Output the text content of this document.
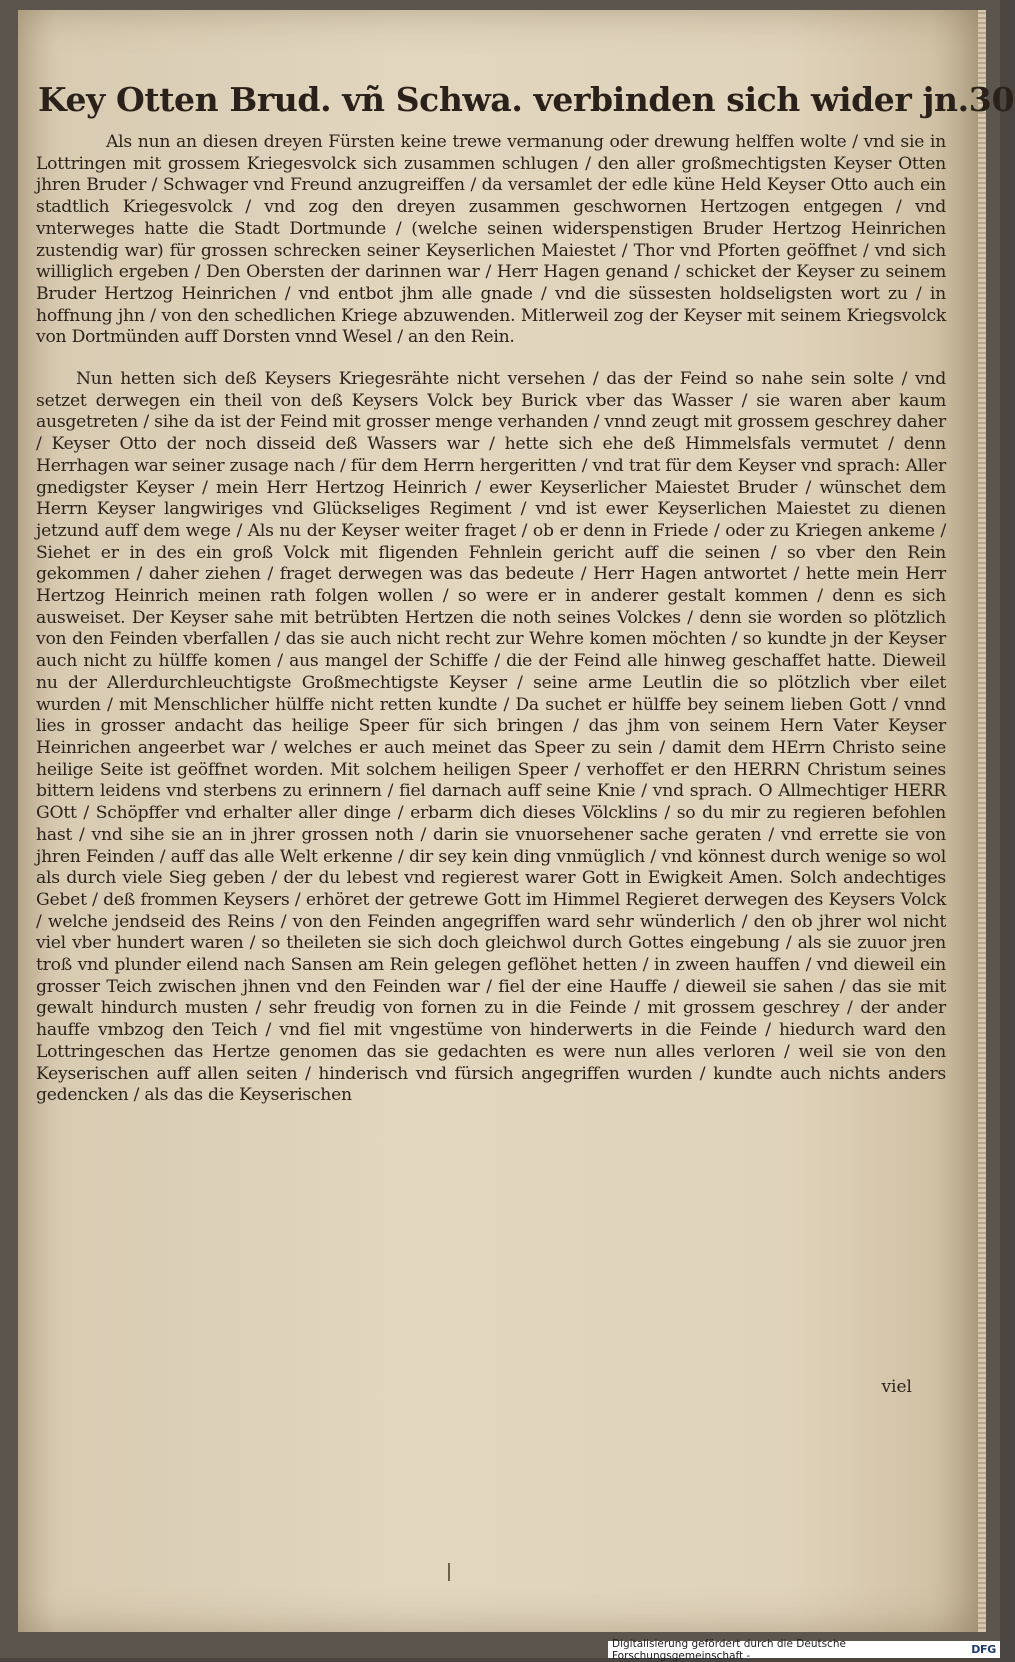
Key Otten Brud. vñ Schwa. verbinden sich wider jn. 30

Als nun an diesen dreyen Fürsten keine trewe vermanung oder drewung helffen wolte / vnd sie in Lottringen mit grossem Kriegesvolck sich zusammen schlugen / den aller großmechtigsten Keyser Otten jhren Bruder / Schwager vnd Freund anzugreiffen / da versamlet der edle küne Held Keyser Otto auch ein stadtlich Kriegesvolck / vnd zog den dreyen zusammen geschwornen Hertzogen entgegen / vnd vnterweges hatte die Stadt Dortmunde / (welche seinen widerspenstigen Bruder Hertzog Heinrichen zustendig war) für grossen schrecken seiner Keyserlichen Maiestet / Thor vnd Pforten geöffnet / vnd sich williglich ergeben / Den Obersten der darinnen war / Herr Hagen genand / schicket der Keyser zu seinem Bruder Hertzog Heinrichen / vnd entbot jhm alle gnade / vnd die süssesten holdseligsten wort zu / in hoffnung jhn / von den schedlichen Kriege abzuwenden. Mitlerweil zog der Keyser mit seinem Kriegsvolck von Dortmünden auff Dorsten vnnd Wesel / an den Rein.

Nun hetten sich deß Keysers Kriegesrähte nicht versehen / das der Feind so nahe sein solte / vnd setzet derwegen ein theil von deß Keysers Volck bey Burick vber das Wasser / sie waren aber kaum ausgetreten / sihe da ist der Feind mit grosser menge verhanden / vnnd zeugt mit grossem geschrey daher / Keyser Otto der noch disseid deß Wassers war / hette sich ehe deß Himmelsfals vermutet / denn Herrhagen war seiner zusage nach / für dem Herrn hergeritten / vnd trat für dem Keyser vnd sprach: Aller gnedigster Keyser / mein Herr Hertzog Heinrich / ewer Keyserlicher Maiestet Bruder / wünschet dem Herrn Keyser langwiriges vnd Glückseliges Regiment / vnd ist ewer Keyserlichen Maiestet zu dienen jetzund auff dem wege / Als nu der Keyser weiter fraget / ob er denn in Friede / oder zu Kriegen ankeme / Siehet er in des ein groß Volck mit fligenden Fehnlein gericht auff die seinen / so vber den Rein gekommen / daher ziehen / fraget derwegen was das bedeute / Herr Hagen antwortet / hette mein Herr Hertzog Heinrich meinen rath folgen wollen / so were er in anderer gestalt kommen / denn es sich ausweiset. Der Keyser sahe mit betrübten Hertzen die noth seines Volckes / denn sie worden so plötzlich von den Feinden vberfallen / das sie auch nicht recht zur Wehre komen möchten / so kundte jn der Keyser auch nicht zu hülffe komen / aus mangel der Schiffe / die der Feind alle hinweg geschaffet hatte. Dieweil nu der Allerdurchleuchtigste Großmechtigste Keyser / seine arme Leutlin die so plötzlich vber eilet wurden / mit Menschlicher hülffe nicht retten kundte / Da suchet er hülffe bey seinem lieben Gott / vnnd lies in grosser andacht das heilige Speer für sich bringen / das jhm von seinem Hern Vater Keyser Heinrichen angeerbet war / welches er auch meinet das Speer zu sein / damit dem HErrn Christo seine heilige Seite ist geöffnet worden. Mit solchem heiligen Speer / verhoffet er den HERRN Christum seines bittern leidens vnd sterbens zu erinnern / fiel darnach auff seine Knie / vnd sprach. O Allmechtiger HERR GOtt / Schöpffer vnd erhalter aller dinge / erbarm dich dieses Völcklins / so du mir zu regieren befohlen hast / vnd sihe sie an in jhrer grossen noth / darin sie vnuorsehener sache geraten / vnd errette sie von jhren Feinden / auff das alle Welt erkenne / dir sey kein ding vnmüglich / vnd könnest durch wenige so wol als durch viele Sieg geben / der du lebest vnd regierest warer Gott in Ewigkeit Amen. Solch andechtiges Gebet / deß frommen Keysers / erhöret der getrewe Gott im Himmel Regieret derwegen des Keysers Volck / welche jendseid des Reins / von den Feinden angegriffen ward sehr wünderlich / den ob jhrer wol nicht viel vber hundert waren / so theileten sie sich doch gleichwol durch Gottes eingebung / als sie zuuor jren troß vnd plunder eilend nach Sansen am Rein gelegen geflöhet hetten / in zween hauffen / vnd dieweil ein grosser Teich zwischen jhnen vnd den Feinden war / fiel der eine Hauffe / dieweil sie sahen / das sie mit gewalt hindurch musten / sehr freudig von fornen zu in die Feinde / mit grossem geschrey / der ander hauffe vmbzog den Teich / vnd fiel mit vngestüme von hinderwerts in die Feinde / hiedurch ward den Lottringeschen das Hertze genomen das sie gedachten es were nun alles verloren / weil sie von den Keyserischen auff allen seiten / hinderisch vnd fürsich angegriffen wurden / kundte auch nichts anders gedencken / als das die Keyserischen

viel
Digitalisierung gefördert durch die Deutsche Forschungsgemeinschaft -	DFG
